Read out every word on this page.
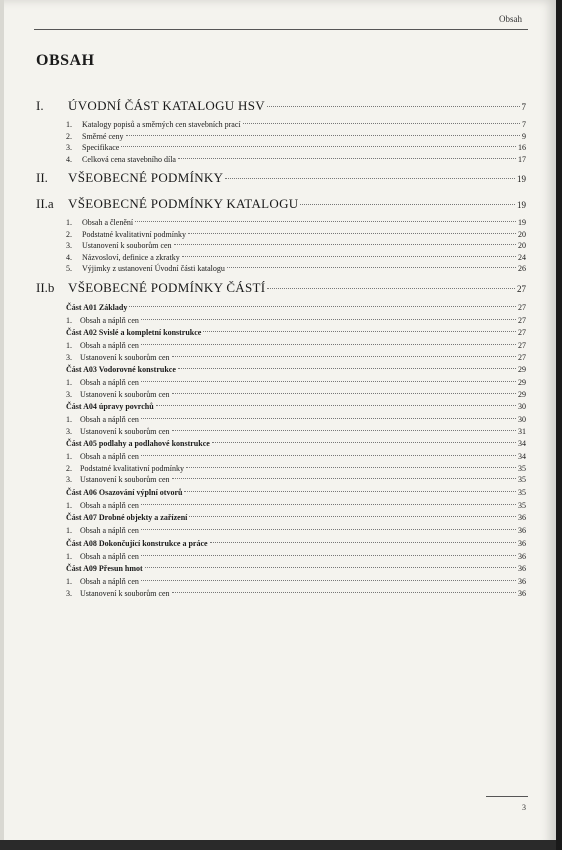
Obsah
OBSAH
I.	ÚVODNÍ ČÁST KATALOGU HSV	7
1.	Katalogy popisů a směrných cen stavebních prací	7
2.	Směrné ceny	9
3.	Specifikace	16
4.	Celková cena stavebního díla	17
II.	VŠEOBECNÉ PODMÍNKY	19
II.a	VŠEOBECNÉ PODMÍNKY KATALOGU	19
1.	Obsah a členění	19
2.	Podstatné kvalitativní podmínky	20
3.	Ustanovení k souborům cen	20
4.	Názvosloví, definice a zkratky	24
5.	Výjimky z ustanovení Úvodní části katalogu	26
II.b	VŠEOBECNÉ PODMÍNKY ČÁSTÍ	27
Část A01 Základy	27
1.	Obsah a náplň cen	27
Část A02 Svislé a kompletní konstrukce	27
1.	Obsah a náplň cen	27
3.	Ustanovení k souborům cen	27
Část A03 Vodorovné konstrukce	29
1.	Obsah a náplň cen	29
3.	Ustanovení k souborům cen	29
Část A04 úpravy povrchů	30
1.	Obsah a náplň cen	30
3.	Ustanovení k souborům cen	31
Část A05 podlahy a podlahové konstrukce	34
1.	Obsah a náplň cen	34
2.	Podstatné kvalitativní podmínky	35
3.	Ustanovení k souborům cen	35
Část A06 Osazování výplní otvorů	35
1.	Obsah a náplň cen	35
Část A07 Drobné objekty a zařízení	36
1.	Obsah a náplň cen	36
Část A08 Dokončující konstrukce a práce	36
1.	Obsah a náplň cen	36
Část A09 Přesun hmot	36
1.	Obsah a náplň cen	36
3.	Ustanovení k souborům cen	36
3
